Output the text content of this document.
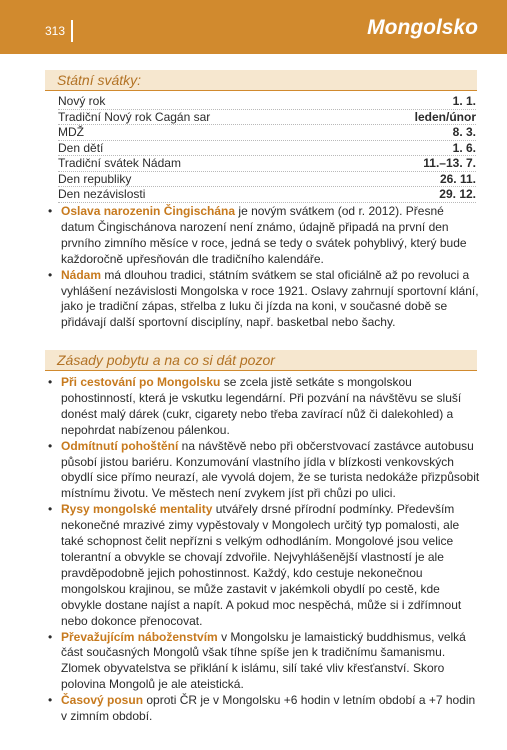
313	Mongolsko
Státní svátky:
Nový rok	1. 1.
Tradiční Nový rok Cagán sar	leden/únor
MDŽ	8. 3.
Den dětí	1. 6.
Tradiční svátek Nádam	11.–13. 7.
Den republiky	26. 11.
Den nezávislosti	29. 12.
• Oslava narozenin Čingischána je novým svátkem (od r. 2012). Přesné datum Čingischánova narození není známo, údajně připadá na první den prvního zimního měsíce v roce, jedná se tedy o svátek pohyblivý, který bude každoročně upřesňován dle tradičního kalendáře.
• Nádam má dlouhou tradici, státním svátkem se stal oficiálně až po revoluci a vyhlášení nezávislosti Mongolska v roce 1921. Oslavy zahrnují sportovní klání, jako je tradiční zápas, střelba z luku či jízda na koni, v současné době se přidávají další sportovní disciplíny, např. basketbal nebo šachy.
Zásady pobytu a na co si dát pozor
• Při cestování po Mongolsku se zcela jistě setkáte s mongolskou pohostinností, která je vskutku legendární. Při pozvání na návštěvu se sluší donést malý dárek (cukr, cigarety nebo třeba zavírací nůž či dalekohled) a nepohrdat nabízenou pálenkou.
• Odmítnutí pohoštění na návštěvě nebo při občerstvovací zastávce autobusu působí jistou bariéru. Konzumování vlastního jídla v blízkosti venkovských obydlí sice přímo neurazí, ale vyvolá dojem, že se turista nedokáže přizpůsobit místnímu životu. Ve městech není zvykem jíst při chůzi po ulici.
• Rysy mongolské mentality utvářely drsné přírodní podmínky. Především nekonečné mrazivé zimy vypěstovaly v Mongolech určitý typ pomalosti, ale také schopnost čelit nepřízni s velkým odhodláním. Mongolové jsou velice tolerantní a obvykle se chovají zdvořile. Nejvyhlášenější vlastností je ale pravděpodobně jejich pohostinnost. Každý, kdo cestuje nekonečnou mongolskou krajinou, se může zastavit v jakémkoli obydlí po cestě, kde obvykle dostane najíst a napít. A pokud moc nespěchá, může si i zdřímnout nebo dokonce přenocovat.
• Převažujícím náboženstvím v Mongolsku je lamaistický buddhismus, velká část současných Mongolů však tíhne spíše jen k tradičnímu šamanismu. Zlomek obyvatelstva se přiklání k islámu, silí také vliv křesťanství. Skoro polovina Mongolů je ale ateistická.
• Časový posun oproti ČR je v Mongolsku +6 hodin v letním období a +7 hodin v zimním období.
